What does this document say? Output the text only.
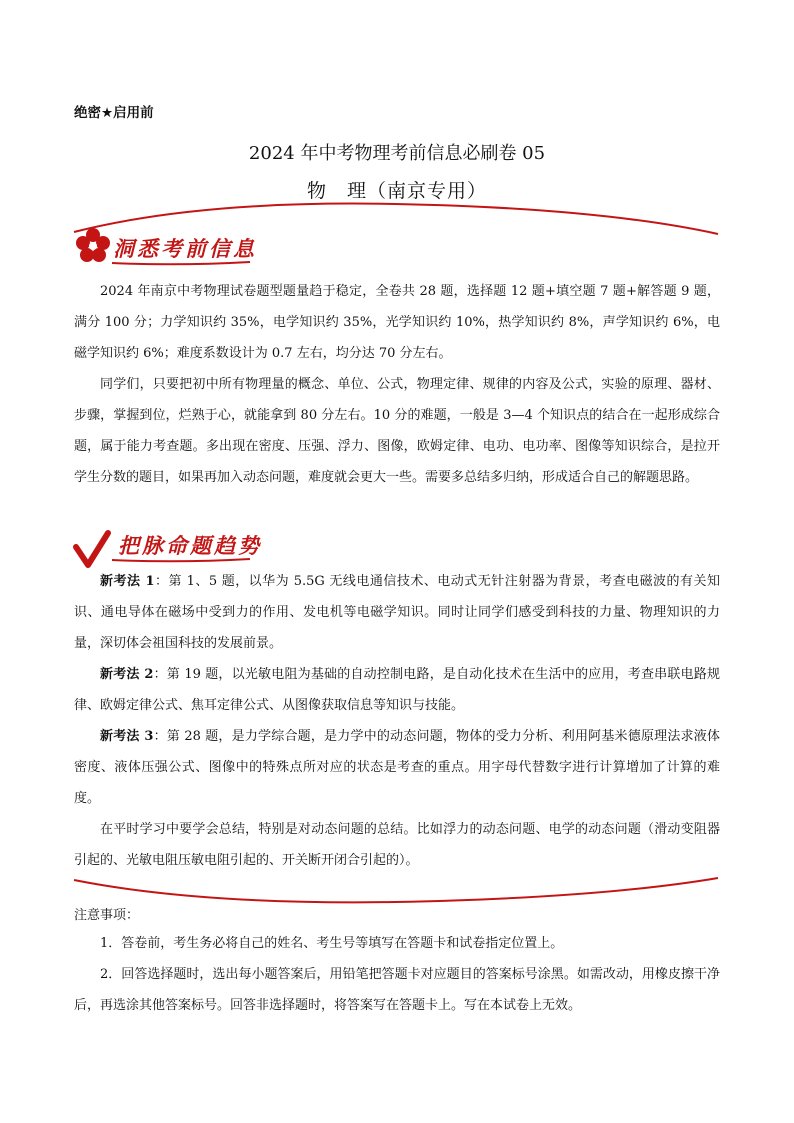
绝密★启用前
2024 年中考物理考前信息必刷卷 05
物　理（南京专用）
洞悉考前信息
把脉命题趋势

2024 年南京中考物理试卷题型题量趋于稳定，全卷共 28 题，选择题 12 题+填空题 7 题+解答题 9 题，满分 100 分；力学知识约 35%，电学知识约 35%，光学知识约 10%，热学知识约 8%，声学知识约 6%，电磁学知识约 6%；难度系数设计为 0.7 左右，均分达 70 分左右。

同学们，只要把初中所有物理量的概念、单位、公式，物理定律、规律的内容及公式，实验的原理、器材、步骤，掌握到位，烂熟于心，就能拿到 80 分左右。10 分的难题，一般是 3—4 个知识点的结合在一起形成综合题，属于能力考查题。多出现在密度、压强、浮力、图像，欧姆定律、电功、电功率、图像等知识综合，是拉开学生分数的题目，如果再加入动态问题，难度就会更大一些。需要多总结多归纳，形成适合自己的解题思路。

新考法 1：第 1、5 题，以华为 5.5G 无线电通信技术、电动式无针注射器为背景，考查电磁波的有关知识、通电导体在磁场中受到力的作用、发电机等电磁学知识。同时让同学们感受到科技的力量、物理知识的力量，深切体会祖国科技的发展前景。

新考法 2：第 19 题，以光敏电阻为基础的自动控制电路，是自动化技术在生活中的应用，考查串联电路规律、欧姆定律公式、焦耳定律公式、从图像获取信息等知识与技能。

新考法 3：第 28 题，是力学综合题，是力学中的动态问题，物体的受力分析、利用阿基米德原理法求液体密度、液体压强公式、图像中的特殊点所对应的状态是考查的重点。用字母代替数字进行计算增加了计算的难度。

在平时学习中要学会总结，特别是对动态问题的总结。比如浮力的动态问题、电学的动态问题（滑动变阻器引起的、光敏电阻压敏电阻引起的、开关断开闭合引起的）。

注意事项：

1．答卷前，考生务必将自己的姓名、考生号等填写在答题卡和试卷指定位置上。

2．回答选择题时，选出每小题答案后，用铅笔把答题卡对应题目的答案标号涂黑。如需改动，用橡皮擦干净后，再选涂其他答案标号。回答非选择题时，将答案写在答题卡上。写在本试卷上无效。
